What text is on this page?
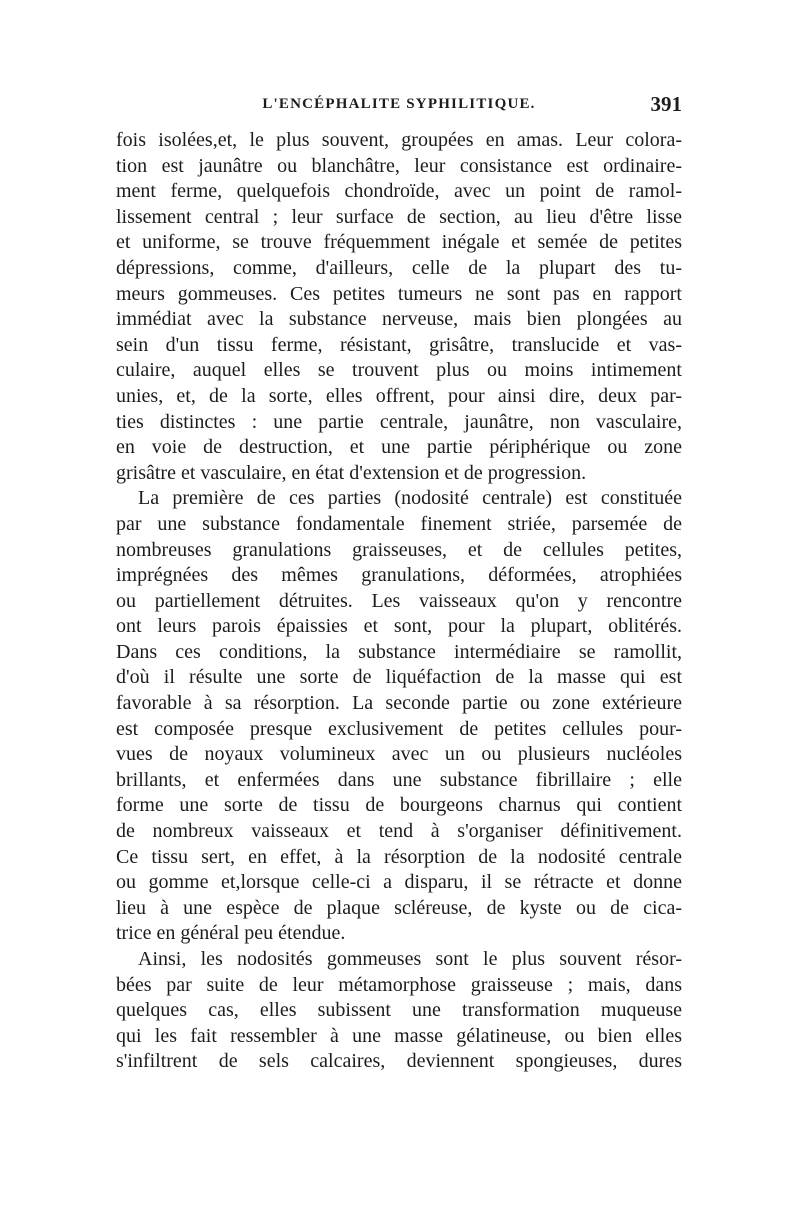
L'ENCÉPHALITE SYPHILITIQUE.	391
fois isolées,et, le plus souvent, groupées en amas. Leur colora-
tion est jaunâtre ou blanchâtre, leur consistance est ordinaire-
ment ferme, quelquefois chondroïde, avec un point de ramol-
lissement central ; leur surface de section, au lieu d'être lisse
et uniforme, se trouve fréquemment inégale et semée de petites
dépressions, comme, d'ailleurs, celle de la plupart des tu-
meurs gommeuses. Ces petites tumeurs ne sont pas en rapport
immédiat avec la substance nerveuse, mais bien plongées au
sein d'un tissu ferme, résistant, grisâtre, translucide et vas-
culaire, auquel elles se trouvent plus ou moins intimement
unies, et, de la sorte, elles offrent, pour ainsi dire, deux par-
ties distinctes : une partie centrale, jaunâtre, non vasculaire,
en voie de destruction, et une partie périphérique ou zone
grisâtre et vasculaire, en état d'extension et de progression.
La première de ces parties (nodosité centrale) est constituée
par une substance fondamentale finement striée, parsemée de
nombreuses granulations graisseuses, et de cellules petites,
imprégnées des mêmes granulations, déformées, atrophiées
ou partiellement détruites. Les vaisseaux qu'on y rencontre
ont leurs parois épaissies et sont, pour la plupart, oblitérés.
Dans ces conditions, la substance intermédiaire se ramollit,
d'où il résulte une sorte de liquéfaction de la masse qui est
favorable à sa résorption. La seconde partie ou zone extérieure
est composée presque exclusivement de petites cellules pour-
vues de noyaux volumineux avec un ou plusieurs nucléoles
brillants, et enfermées dans une substance fibrillaire ; elle
forme une sorte de tissu de bourgeons charnus qui contient
de nombreux vaisseaux et tend à s'organiser définitivement.
Ce tissu sert, en effet, à la résorption de la nodosité centrale
ou gomme et,lorsque celle-ci a disparu, il se rétracte et donne
lieu à une espèce de plaque scléreuse, de kyste ou de cica-
trice en général peu étendue.
Ainsi, les nodosités gommeuses sont le plus souvent résor-
bées par suite de leur métamorphose graisseuse ; mais, dans
quelques cas, elles subissent une transformation muqueuse
qui les fait ressembler à une masse gélatineuse, ou bien elles
s'infiltrent de sels calcaires, deviennent spongieuses, dures
